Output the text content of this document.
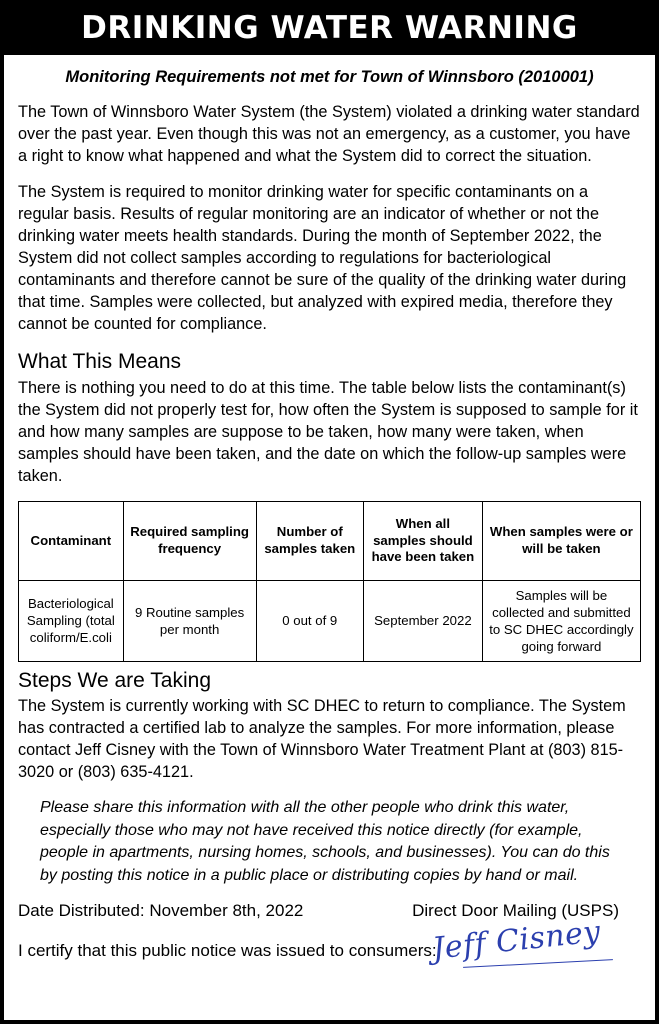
DRINKING WATER WARNING
Monitoring Requirements not met for Town of Winnsboro (2010001)

The Town of Winnsboro Water System (the System) violated a drinking water standard over the past year. Even though this was not an emergency, as a customer, you have a right to know what happened and what the System did to correct the situation.

The System is required to monitor drinking water for specific contaminants on a regular basis. Results of regular monitoring are an indicator of whether or not the drinking water meets health standards. During the month of September 2022, the System did not collect samples according to regulations for bacteriological contaminants and therefore cannot be sure of the quality of the drinking water during that time. Samples were collected, but analyzed with expired media, therefore they cannot be counted for compliance.

What This Means

There is nothing you need to do at this time. The table below lists the contaminant(s) the System did not properly test for, how often the System is supposed to sample for it and how many samples are suppose to be taken, how many were taken, when samples should have been taken, and the date on which the follow-up samples were taken.

Contaminant	Required sampling frequency	Number of samples taken	When all samples should have been taken	When samples were or will be taken
Bacteriological Sampling (total coliform/E.coli	9 Routine samples per month	0 out of 9	September 2022	Samples will be collected and submitted to SC DHEC accordingly going forward
Steps We are Taking

The System is currently working with SC DHEC to return to compliance. The System has contracted a certified lab to analyze the samples. For more information, please contact Jeff Cisney with the Town of Winnsboro Water Treatment Plant at (803) 815-3020 or (803) 635-4121.

Please share this information with all the other people who drink this water, especially those who may not have received this notice directly (for example, people in apartments, nursing homes, schools, and businesses). You can do this by posting this notice in a public place or distributing copies by hand or mail.

Date Distributed: November 8th, 2022	Direct Door Mailing (USPS)
I certify that this public notice was issued to consumers:
Jeff Cisney
